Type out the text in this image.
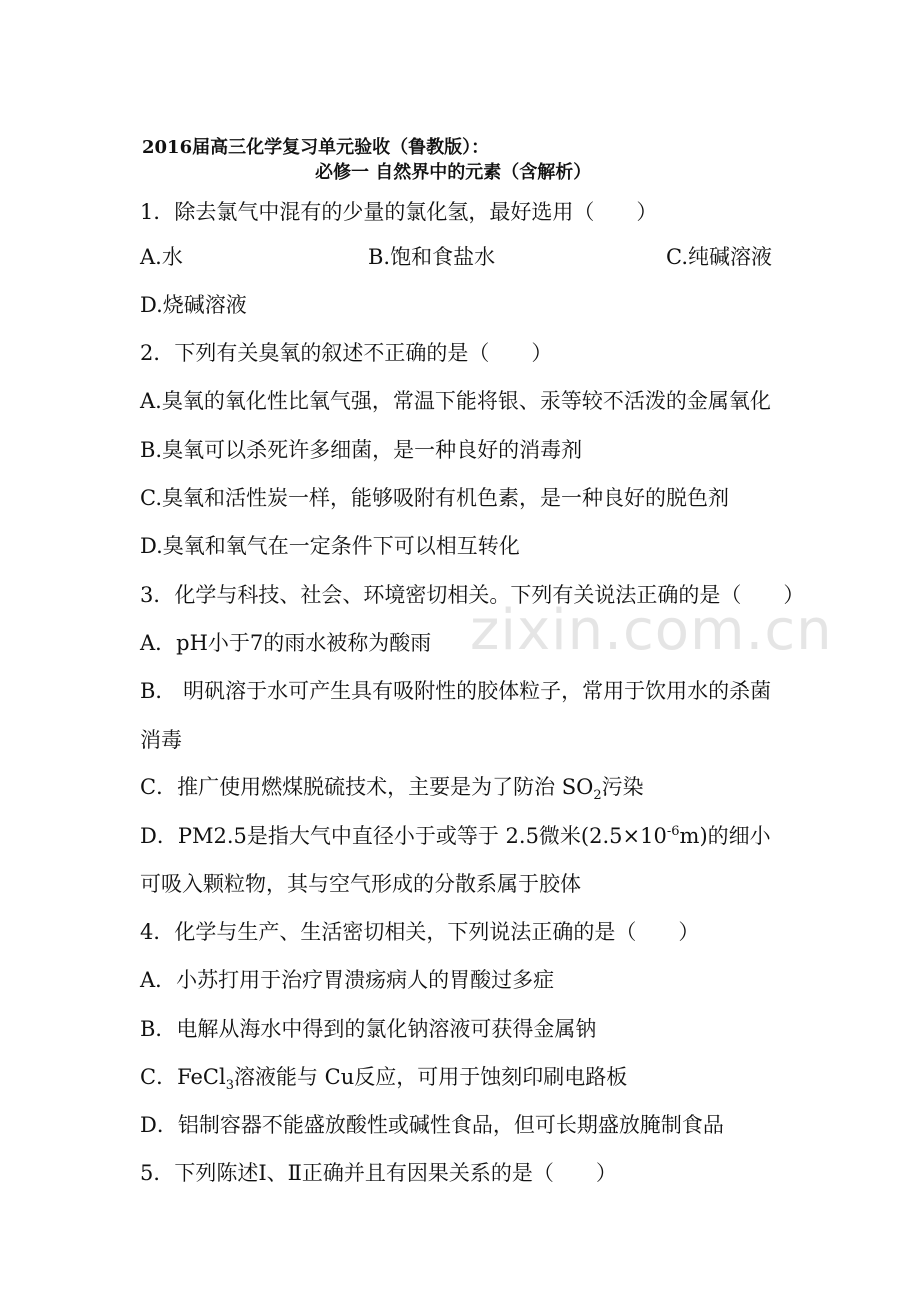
zixin.com.cn
2016届高三化学复习单元验收（鲁教版）：
必修一 自然界中的元素（含解析）
1．除去氯气中混有的少量的氯化氢，最好选用（　　）
A.水	B.饱和食盐水	C.纯碱溶液
D.烧碱溶液
2．下列有关臭氧的叙述不正确的是（　　）
A.臭氧的氧化性比氧气强，常温下能将银、汞等较不活泼的金属氧化
B.臭氧可以杀死许多细菌，是一种良好的消毒剂
C.臭氧和活性炭一样，能够吸附有机色素，是一种良好的脱色剂
D.臭氧和氧气在一定条件下可以相互转化
3．化学与科技、社会、环境密切相关。下列有关说法正确的是（　　）
A．pH小于7的雨水被称为酸雨
B． 明矾溶于水可产生具有吸附性的胶体粒子，常用于饮用水的杀菌
消毒
C．推广使用燃煤脱硫技术，主要是为了防治 $SO_2$污染
D．PM2.5是指大气中直径小于或等于 2.5微米$(2.5\times 10^{-6}m)$的细小
可吸入颗粒物，其与空气形成的分散系属于胶体
4．化学与生产、生活密切相关，下列说法正确的是（　　）
A．小苏打用于治疗胃溃疡病人的胃酸过多症
B．电解从海水中得到的氯化钠溶液可获得金属钠
C．FeCl$_3$溶液能与 Cu反应，可用于蚀刻印刷电路板
D．铝制容器不能盛放酸性或碱性食品，但可长期盛放腌制食品
5．下列陈述Ⅰ、Ⅱ正确并且有因果关系的是（　　）
